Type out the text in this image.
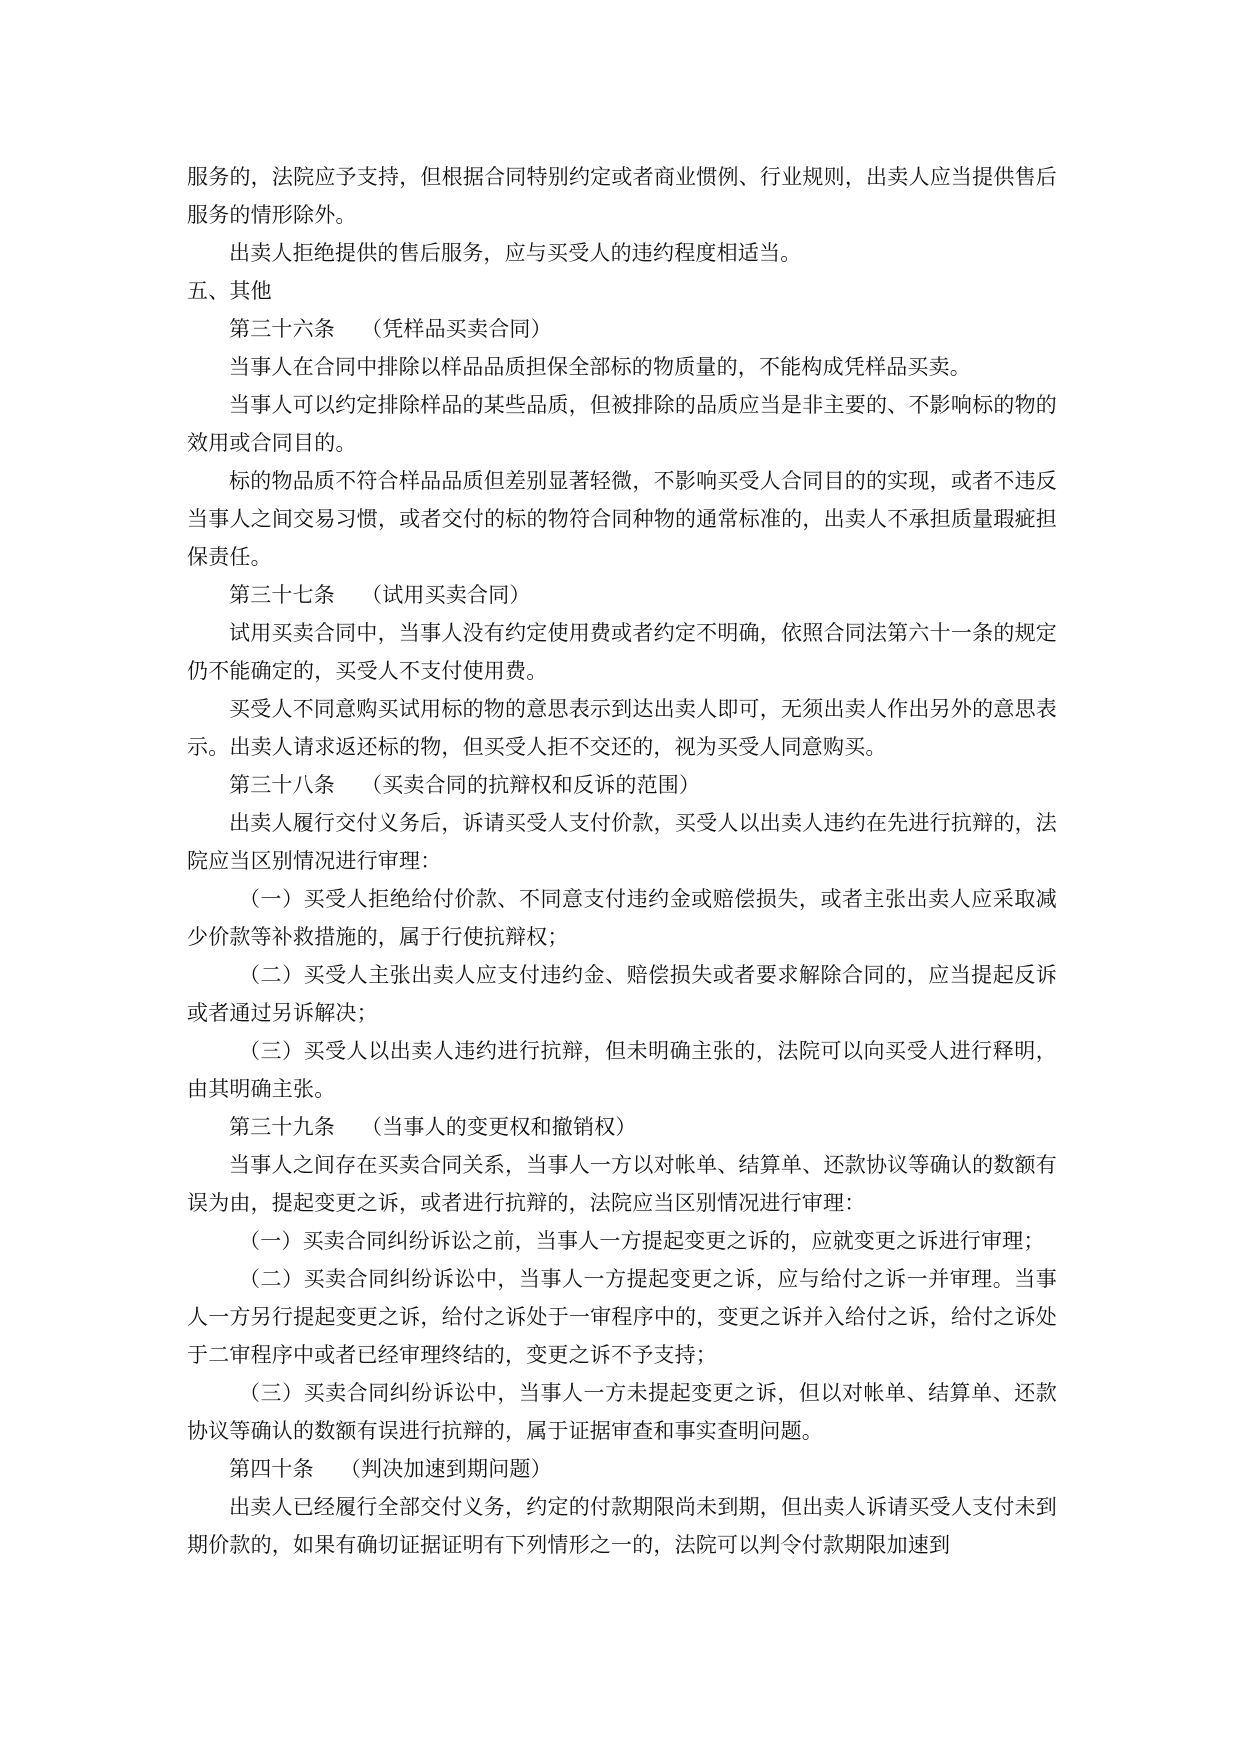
服务的，法院应予支持，但根据合同特别约定或者商业惯例、行业规则，出卖人应当提供售后服务的情形除外。

出卖人拒绝提供的售后服务，应与买受人的违约程度相适当。

五、其他

第三十六条 （凭样品买卖合同）

当事人在合同中排除以样品品质担保全部标的物质量的，不能构成凭样品买卖。

当事人可以约定排除样品的某些品质，但被排除的品质应当是非主要的、不影响标的物的效用或合同目的。

标的物品质不符合样品品质但差别显著轻微，不影响买受人合同目的的实现，或者不违反当事人之间交易习惯，或者交付的标的物符合同种物的通常标准的，出卖人不承担质量瑕疵担保责任。

第三十七条 （试用买卖合同）

试用买卖合同中，当事人没有约定使用费或者约定不明确，依照合同法第六十一条的规定仍不能确定的，买受人不支付使用费。

买受人不同意购买试用标的物的意思表示到达出卖人即可，无须出卖人作出另外的意思表示。出卖人请求返还标的物，但买受人拒不交还的，视为买受人同意购买。

第三十八条 （买卖合同的抗辩权和反诉的范围）

出卖人履行交付义务后，诉请买受人支付价款，买受人以出卖人违约在先进行抗辩的，法院应当区别情况进行审理：

（一）买受人拒绝给付价款、不同意支付违约金或赔偿损失，或者主张出卖人应采取减少价款等补救措施的，属于行使抗辩权；

（二）买受人主张出卖人应支付违约金、赔偿损失或者要求解除合同的，应当提起反诉或者通过另诉解决；

（三）买受人以出卖人违约进行抗辩，但未明确主张的，法院可以向买受人进行释明，由其明确主张。

第三十九条 （当事人的变更权和撤销权）

当事人之间存在买卖合同关系，当事人一方以对帐单、结算单、还款协议等确认的数额有误为由，提起变更之诉，或者进行抗辩的，法院应当区别情况进行审理：

（一）买卖合同纠纷诉讼之前，当事人一方提起变更之诉的，应就变更之诉进行审理；

（二）买卖合同纠纷诉讼中，当事人一方提起变更之诉，应与给付之诉一并审理。当事人一方另行提起变更之诉，给付之诉处于一审程序中的，变更之诉并入给付之诉，给付之诉处于二审程序中或者已经审理终结的，变更之诉不予支持；

（三）买卖合同纠纷诉讼中，当事人一方未提起变更之诉，但以对帐单、结算单、还款协议等确认的数额有误进行抗辩的，属于证据审查和事实查明问题。

第四十条 （判决加速到期问题）

出卖人已经履行全部交付义务，约定的付款期限尚未到期，但出卖人诉请买受人支付未到期价款的，如果有确切证据证明有下列情形之一的，法院可以判令付款期限加速到
